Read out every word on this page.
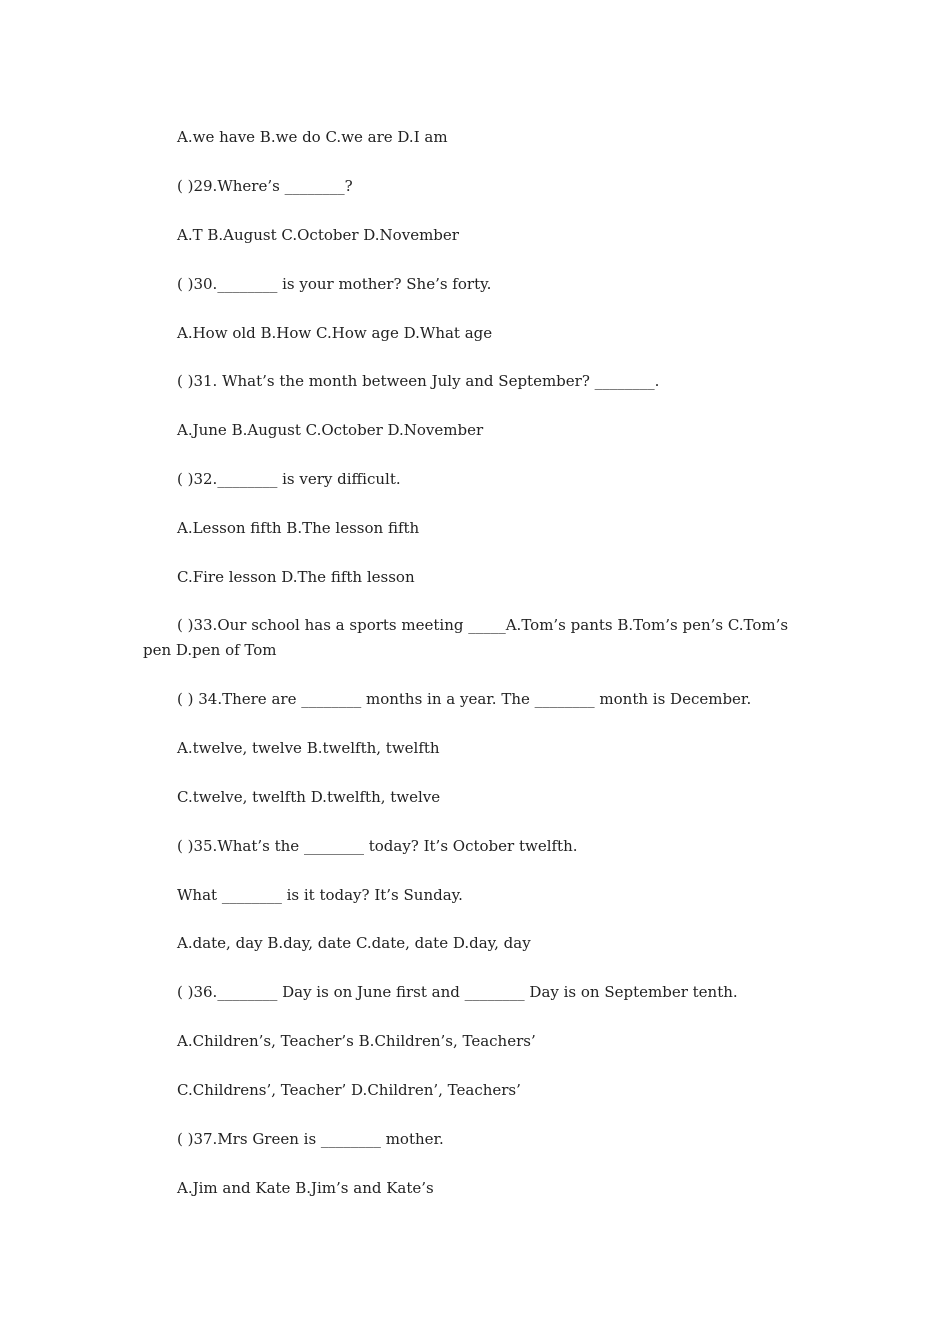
A.we have B.we do C.we are D.I am
( )29.Where’s ________?
A.T B.August C.October D.November
( )30.________ is your mother? She’s forty.
A.How old B.How C.How age D.What age
( )31. What’s the month between July and September? ________.
A.June B.August C.October D.November
( )32.________ is very difficult.
A.Lesson fifth B.The lesson fifth
C.Fire lesson D.The fifth lesson
( )33.Our school has a sports meeting _____A.Tom’s pants B.Tom’s pen’s C.Tom’s pen D.pen of Tom
( ) 34.There are ________ months in a year. The ________ month is December.
A.twelve, twelve B.twelfth, twelfth
C.twelve, twelfth D.twelfth, twelve
( )35.What’s the ________ today? It’s October twelfth.
What ________ is it today? It’s Sunday.
A.date, day B.day, date C.date, date D.day, day
( )36.________ Day is on June first and ________ Day is on September tenth.
A.Children’s, Teacher’s B.Children’s, Teachers’
C.Childrens’, Teacher’ D.Children’, Teachers’
( )37.Mrs Green is ________ mother.
A.Jim and Kate B.Jim’s and Kate’s
